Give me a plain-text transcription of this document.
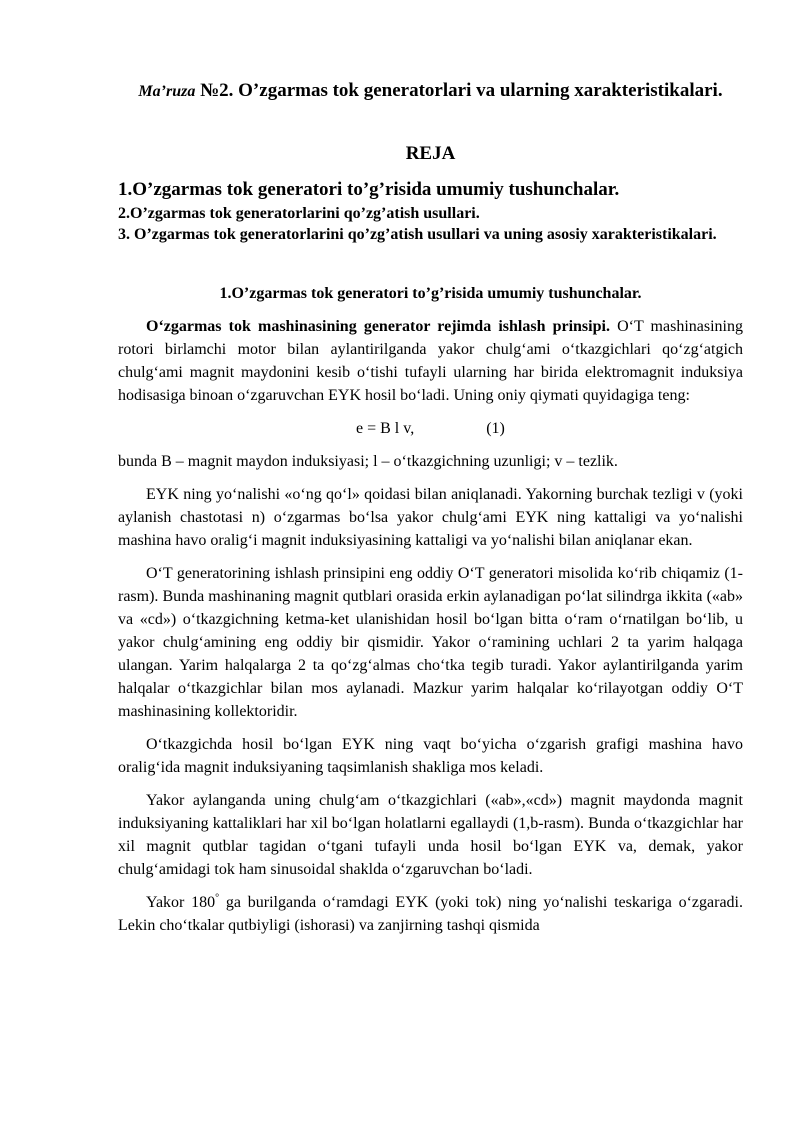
Ma’ruza №2. O’zgarmas tok generatorlari va ularning xarakteristikalari.
REJA
1.O’zgarmas tok generatori to’g’risida umumiy tushunchalar.
2.O’zgarmas tok generatorlarini qo’zg’atish usullari.
3. O’zgarmas tok generatorlarini qo’zg’atish usullari va uning asosiy xarakteristikalari.
1.O’zgarmas tok generatori to’g’risida umumiy tushunchalar.

O‘zgarmas tok mashinasining generator rejimda ishlash prinsipi. O‘T mashinasining rotori birlamchi motor bilan aylantirilganda yakor chulg‘ami o‘tkazgichlari qo‘zg‘atgich chulg‘ami magnit maydonini kesib o‘tishi tufayli ularning har birida elektromagnit induksiya hodisasiga binoan o‘zgaruvchan EYK hosil bo‘ladi. Uning oniy qiymati quyidagiga teng:

e = B l v,	(1)

bunda B – magnit maydon induksiyasi; l – o‘tkazgichning uzunligi; v – tezlik.

EYK ning yo‘nalishi «o‘ng qo‘l» qoidasi bilan aniqlanadi. Yakorning burchak tezligi v (yoki aylanish chastotasi n) o‘zgarmas bo‘lsa yakor chulg‘ami EYK ning kattaligi va yo‘nalishi mashina havo oralig‘i magnit induksiyasining kattaligi va yo‘nalishi bilan aniqlanar ekan.

O‘T generatorining ishlash prinsipini eng oddiy O‘T generatori misolida ko‘rib chiqamiz (1-rasm). Bunda mashinaning magnit qutblari orasida erkin aylanadigan po‘lat silindrga ikkita («ab» va «cd») o‘tkazgichning ketma-ket ulanishidan hosil bo‘lgan bitta o‘ram o‘rnatilgan bo‘lib, u yakor chulg‘amining eng oddiy bir qismidir. Yakor o‘ramining uchlari 2 ta yarim halqaga ulangan. Yarim halqalarga 2 ta qo‘zg‘almas cho‘tka tegib turadi. Yakor aylantirilganda yarim halqalar o‘tkazgichlar bilan mos aylanadi. Mazkur yarim halqalar ko‘rilayotgan oddiy O‘T mashinasining kollektoridir.

O‘tkazgichda hosil bo‘lgan EYK ning vaqt bo‘yicha o‘zgarish grafigi mashina havo oralig‘ida magnit induksiyaning taqsimlanish shakliga mos keladi.

Yakor aylanganda uning chulg‘am o‘tkazgichlari («ab»,«cd») magnit maydonda magnit induksiyaning kattaliklari har xil bo‘lgan holatlarni egallaydi (1,b-rasm). Bunda o‘tkazgichlar har xil magnit qutblar tagidan o‘tgani tufayli unda hosil bo‘lgan EYK va, demak, yakor chulg‘amidagi tok ham sinusoidal shaklda o‘zgaruvchan bo‘ladi.

Yakor 180° ga burilganda o‘ramdagi EYK (yoki tok) ning yo‘nalishi teskariga o‘zgaradi. Lekin cho‘tkalar qutbiyligi (ishorasi) va zanjirning tashqi qismida
